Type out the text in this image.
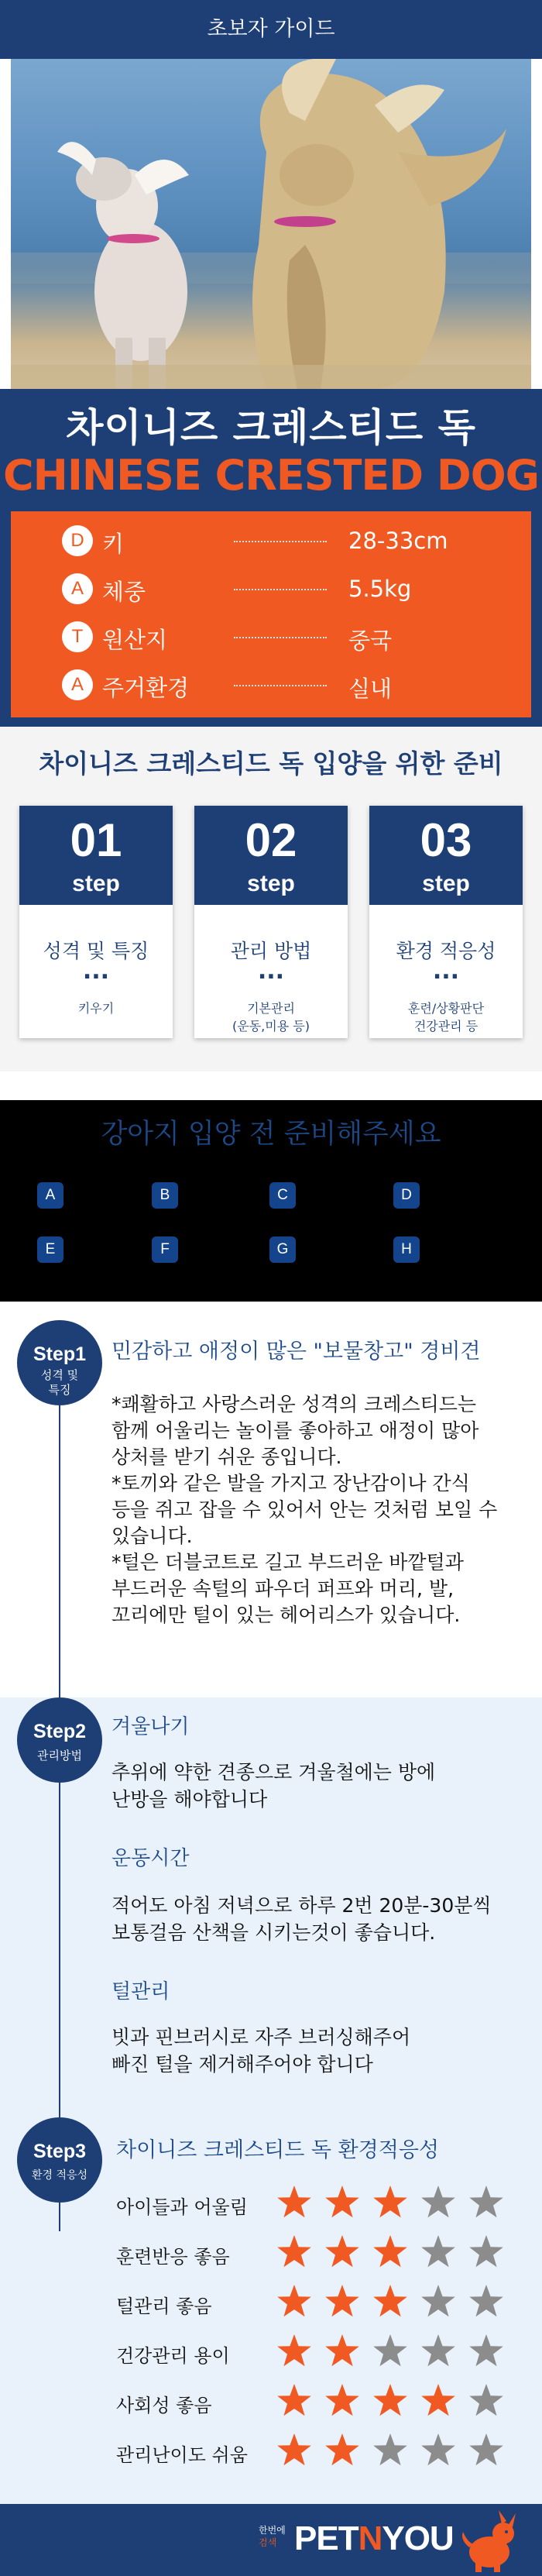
초보자 가이드
차이니즈 크레스티드 독
CHINESE CRESTED DOG
D 키	28-33cm
A 체중	5.5kg
T 원산지	중국
A 주거환경	실내
차이니즈 크레스티드 독 입양을 위한 준비
01
step
성격 및 특징
...
키우기
02
step
관리 방법
...
기본관리
(운동,미용 등)
03
step
환경 적응성
...
훈련/상황판단
건강관리 등
강아지 입양 전 준비해주세요
A	B	C	D
E	F	G	H
Step1
성격 및
특징
민감하고 애정이 많은 "보물창고" 경비견
*쾌활하고 사랑스러운 성격의 크레스티드는
함께 어울리는 놀이를 좋아하고 애정이 많아
상처를 받기 쉬운 종입니다.
*토끼와 같은 발을 가지고 장난감이나 간식
등을 쥐고 잡을 수 있어서 안는 것처럼 보일 수
있습니다.
*털은 더블코트로 길고 부드러운 바깥털과
부드러운 속털의 파우더 퍼프와 머리, 발,
꼬리에만 털이 있는 헤어리스가 있습니다.
Step2
관리방법
겨울나기
추위에 약한 견종으로 겨울철에는 방에
난방을 해야합니다
운동시간
적어도 아침 저녁으로 하루 2번 20분-30분씩
보통걸음 산책을 시키는것이 좋습니다.
털관리
빗과 핀브러시로 자주 브러싱해주어
빠진 털을 제거해주어야 합니다
Step3
환경 적응성
차이니즈 크레스티드 독 환경적응성
아이들과 어울림
훈련반응 좋음
털관리 좋음
건강관리 용이
사회성 좋음
관리난이도 쉬움
한번에
검색 PETNYOU
